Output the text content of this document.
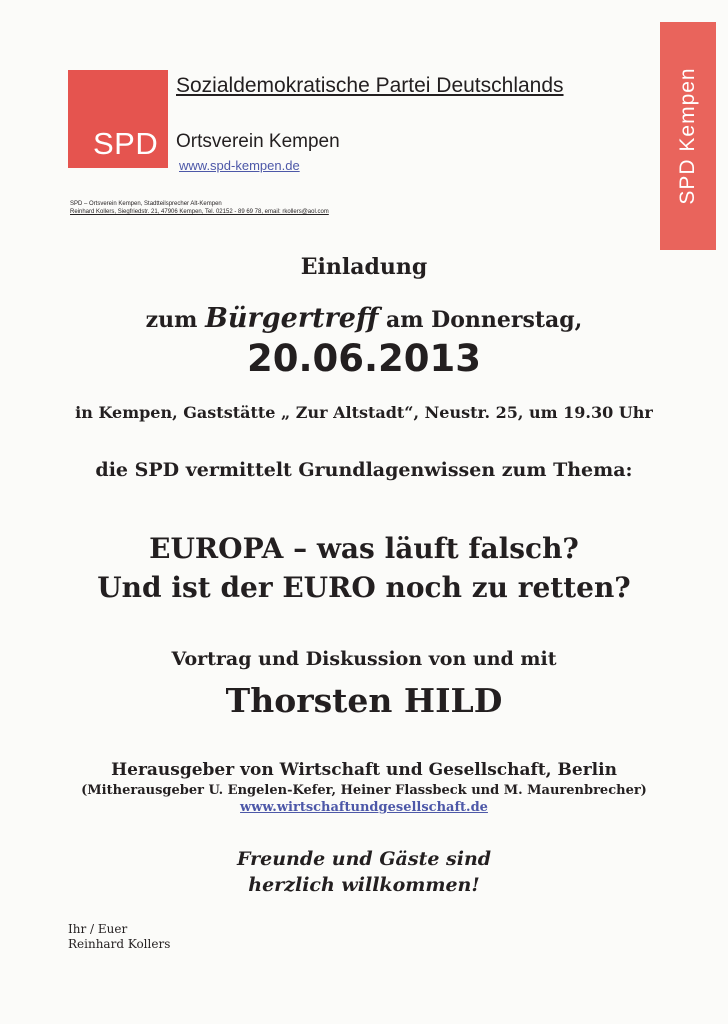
SPD
Sozialdemokratische Partei Deutschlands
Ortsverein Kempen
www.spd-kempen.de	SPD Kempen
SPD – Ortsverein Kempen, Stadtteilsprecher Alt-Kempen
Reinhard Kollers, Siegfriedstr. 21, 47906 Kempen, Tel. 02152 - 89 69 78, email: rkollers@aol.com
Einladung
zum Bürgertreff am Donnerstag,
20.06.2013
in Kempen, Gaststätte „ Zur Altstadt“, Neustr. 25, um 19.30 Uhr
die SPD vermittelt Grundlagenwissen zum Thema:
EUROPA – was läuft falsch?
Und ist der EURO noch zu retten?
Vortrag und Diskussion von und mit
Thorsten HILD
Herausgeber von Wirtschaft und Gesellschaft, Berlin
(Mitherausgeber U. Engelen-Kefer, Heiner Flassbeck und M. Maurenbrecher)
www.wirtschaftundgesellschaft.de
Freunde und Gäste sind
herzlich willkommen!
Ihr / Euer
Reinhard Kollers
